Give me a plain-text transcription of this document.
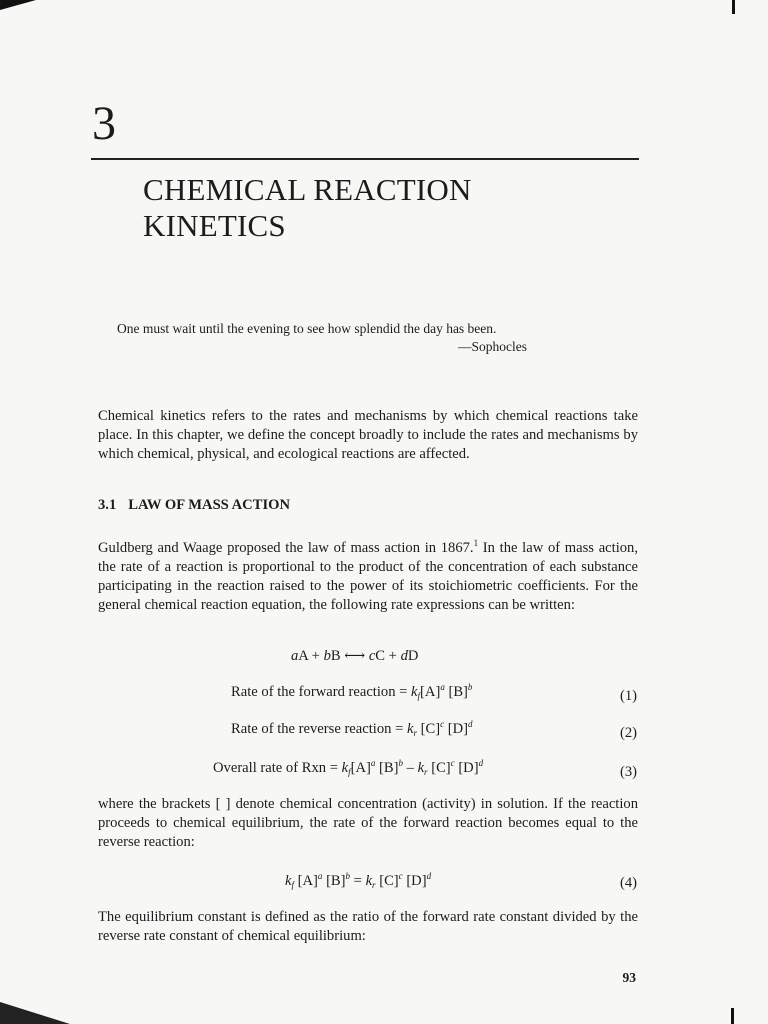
3
CHEMICAL REACTION
KINETICS
One must wait until the evening to see how splendid the day has been.
—Sophocles

Chemical kinetics refers to the rates and mechanisms by which chemical reactions take place. In this chapter, we define the concept broadly to include the rates and mechanisms by which chemical, physical, and ecological reactions are affected.

3.1 LAW OF MASS ACTION

Guldberg and Waage proposed the law of mass action in 1867.$^1$ In the law of mass action, the rate of a reaction is proportional to the product of the concentration of each substance participating in the reaction raised to the power of its stoichiometric coefficients. For the general chemical reaction equation, the following rate expressions can be written:

aA + bB ⟷ cC + dD
Rate of the forward reaction = $k_f[A]^a$ $[B]^b$
(1)
Rate of the reverse reaction = $k_r$ $[C]^c$ $[D]^d$
(2)
Overall rate of Rxn = $k_f[A]^a$ $[B]^b - k_r$ $[C]^c$ $[D]^d$
(3)

where the brackets [ ] denote chemical concentration (activity) in solution. If the reaction proceeds to chemical equilibrium, the rate of the forward reaction becomes equal to the reverse reaction:

$k_f$ $[A]^a$ $[B]^b = k_r$ $[C]^c$ $[D]^d$	(4)

The equilibrium constant is defined as the ratio of the forward rate constant divided by the reverse rate constant of chemical equilibrium:

93
